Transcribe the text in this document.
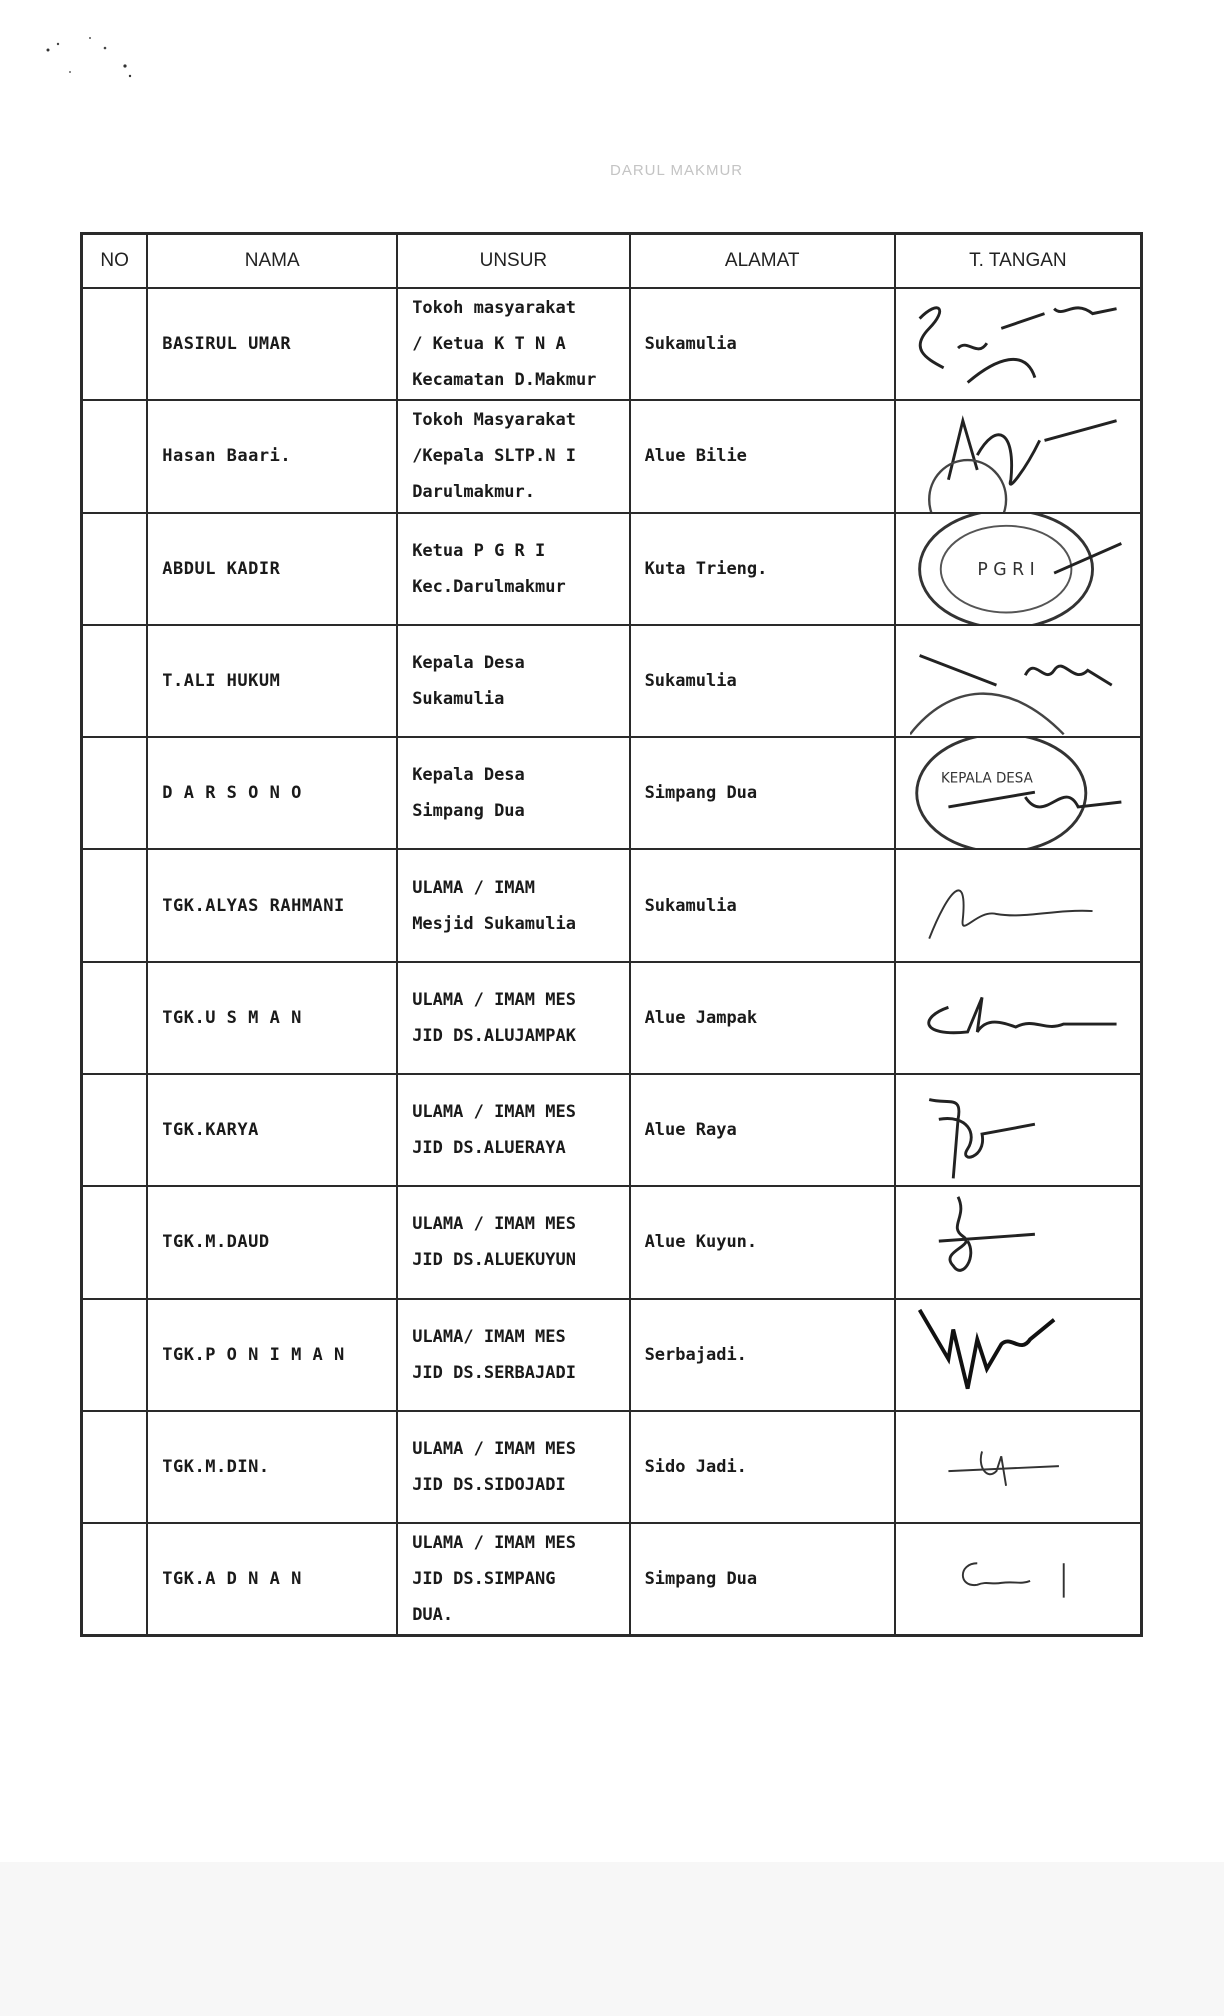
DARUL MAKMUR
NO	NAMA	UNSUR	ALAMAT	T. TANGAN
	BASIRUL UMAR	Tokoh masyarakat
/ Ketua K T N A
Kecamatan D.Makmur	Sukamulia	

	Hasan Baari.	Tokoh Masyarakat
/Kepala SLTP.N I
Darulmakmur.	Alue Bilie	

	ABDUL KADIR	Ketua P G R I
Kec.Darulmakmur	Kuta Trieng.	P G R I

	T.ALI HUKUM	Kepala Desa
Sukamulia	Sukamulia	

	D A R S O N O	Kepala Desa
Simpang Dua	Simpang Dua	KEPALA DESA

	TGK.ALYAS RAHMANI	ULAMA / IMAM
Mesjid Sukamulia	Sukamulia	

	TGK.U S M A N	ULAMA / IMAM MES
JID DS.ALUJAMPAK	Alue Jampak	

	TGK.KARYA	ULAMA / IMAM MES
JID DS.ALUERAYA	Alue Raya	

	TGK.M.DAUD	ULAMA / IMAM MES
JID DS.ALUEKUYUN	Alue Kuyun.	

	TGK.P O N I M A N	ULAMA/ IMAM MES
JID DS.SERBAJADI	Serbajadi.	

	TGK.M.DIN.	ULAMA / IMAM MES
JID DS.SIDOJADI	Sido Jadi.	

	TGK.A D N A N	ULAMA / IMAM MES
JID DS.SIMPANG
DUA.	Simpang Dua	
